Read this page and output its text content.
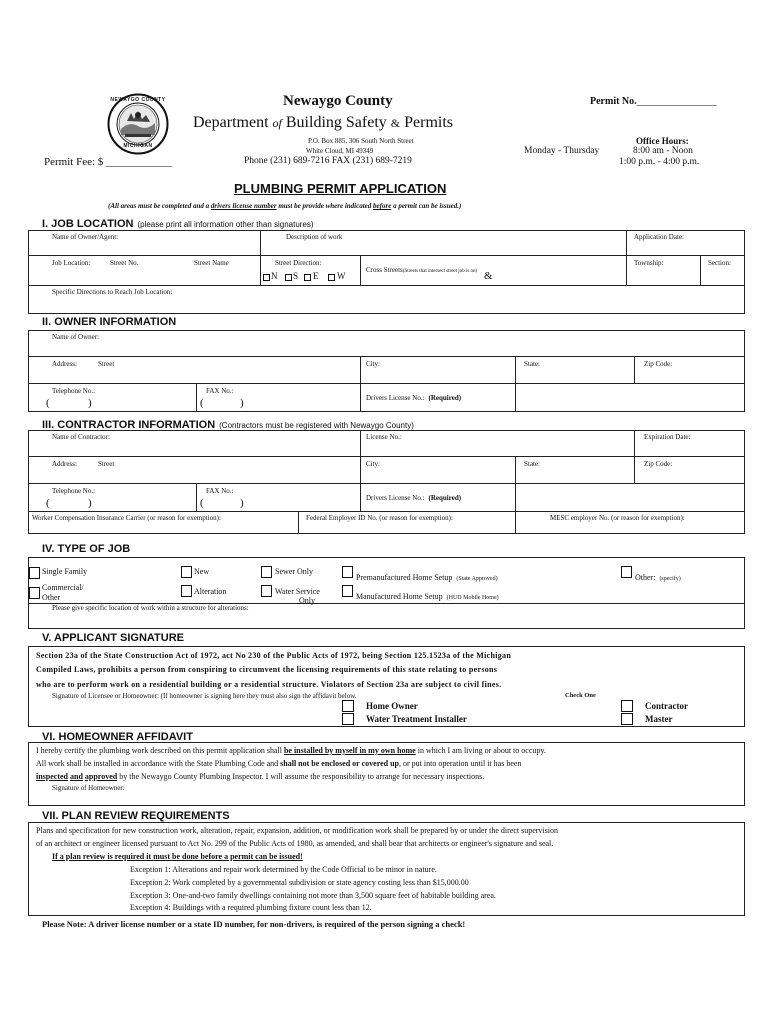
NEWAYGO COUNTY
MICHIGAN
Newaygo County
Department of Building Safety & Permits
P.O. Box 885, 306 South North Street
White Cloud, MI 49349
Phone (231) 689-7216 FAX (231) 689-7219
Permit No.________________
Permit Fee: $ ____________
Office Hours:
Monday - Thursday	8:00 am - Noon
1:00 p.m. - 4:00 p.m.
PLUMBING PERMIT APPLICATION
(All areas must be completed and a drivers license number must be provide where indicated before a permit can be issued.)
I. JOB LOCATION (please print all information other than signatures)
Name of Owner/Agent:	Description of work	Application Date:
Job Location:	Street No.	Street Name	Street Direction:
N S E W
Cross Streets(Streets that intersect street job is on) &
Township:	Section:
Specific Directions to Reach Job Location:
II. OWNER INFORMATION
Name of Owner:
Address:	Street	City:	State:	Zip Code:
Telephone No.:
(	)
FAX No.:
(	)	Drivers License No.: (Required)
III. CONTRACTOR INFORMATION (Contractors must be registered with Newaygo County)
Name of Contractor:	License No.:	Expiration Date:
Address:	Street	City:	State:	Zip Code:
Telephone No.:
(	)
FAX No.:
(	)	Drivers License No.: (Required)
Worker Compensation Insurance Carrier (or reason for exemption):	Federal Employer ID No. (or reason for exemption):	MESC employer No. (or reason for exemption):
IV. TYPE OF JOB
Single Family
Commercial/
Other
New
Alteration
Sewer Only
Water Service
Only
Premanufactured Home Setup (State Approved)
Manufactured Home Setup (HUD Mobile Home)
Other: (specify)
Please give specific location of work within a structure for alterations:
V. APPLICANT SIGNATURE
Section 23a of the State Construction Act of 1972, act No 230 of the Public Acts of 1972, being Section 125.1523a of the Michigan
Compiled Laws, prohibits a person from conspiring to circumvent the licensing requirements of this state relating to persons
who are to perform work on a residential building or a residential structure. Violators of Section 23a are subject to civil fines.
Signature of Licensee or Homeowner: (If homeowner is signing here they must also sign the affidavit below.	Check One
Home Owner
Water Treatment Installer
Contractor
Master
VI. HOMEOWNER AFFIDAVIT
I hereby certify the plumbing work described on this permit application shall be installed by myself in my own home in which I am living or about to occupy.
All work shall be installed in accordance with the State Plumbing Code and shall not be enclosed or covered up, or put into operation until it has been
inspected and approved by the Newaygo County Plumbing Inspector. I will assume the responsibility to arrange for necessary inspections.
Signature of Homeowner:
VII. PLAN REVIEW REQUIREMENTS
Plans and specification for new construction work, alteration, repair, expansion, addition, or modification work shall be prepared by or under the direct supervision
of an architect or engineer licensed pursuant to Act No. 299 of the Public Acts of 1980, as amended, and shall bear that architects or engineer's signature and seal.
If a plan review is required it must be done before a permit can be issued!
Exception 1: Alterations and repair work determined by the Code Official to be minor in nature.
Exception 2: Work completed by a governmental subdivision or state agency costing less than $15,000.00
Exception 3: One-and-two family dwellings containing not more than 3,500 square feet of habitable building area.
Exception 4: Buildings with a required plumbing fixture count less than 12.
Please Note: A driver license number or a state ID number, for non-drivers, is required of the person signing a check!
